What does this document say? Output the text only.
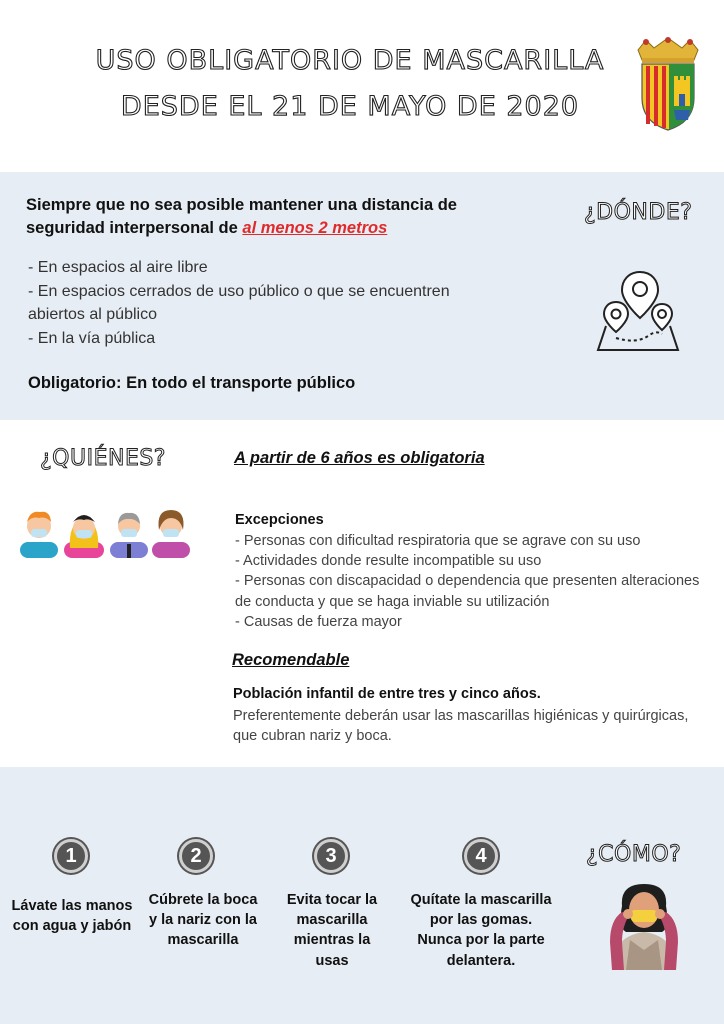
USO OBLIGATORIO DE MASCARILLA
DESDE EL 21 DE MAYO DE 2020
¿DÓNDE?
Siempre que no sea posible mantener una distancia de seguridad interpersonal de al menos 2 metros
- En espacios al aire libre
- En espacios cerrados de uso público o que se encuentren abiertos al público
- En la vía pública
Obligatorio: En todo el transporte público
¿QUIÉNES?	A partir de 6 años es obligatoria
Excepciones
- Personas con dificultad respiratoria que se agrave con su uso
- Actividades donde resulte incompatible su uso
- Personas con discapacidad o dependencia que presenten alteraciones de conducta y que se haga inviable su utilización
- Causas de fuerza mayor
Recomendable
Población infantil de entre tres y cinco años.
Preferentemente deberán usar las mascarillas higiénicas y quirúrgicas, que cubran nariz y boca.
¿CÓMO?
1	2	3	4
Lávate las manos con agua y jabón
Cúbrete la boca y la nariz con la mascarilla
Evita tocar la mascarilla mientras la usas
Quítate la mascarilla por las gomas. Nunca por la parte delantera.
